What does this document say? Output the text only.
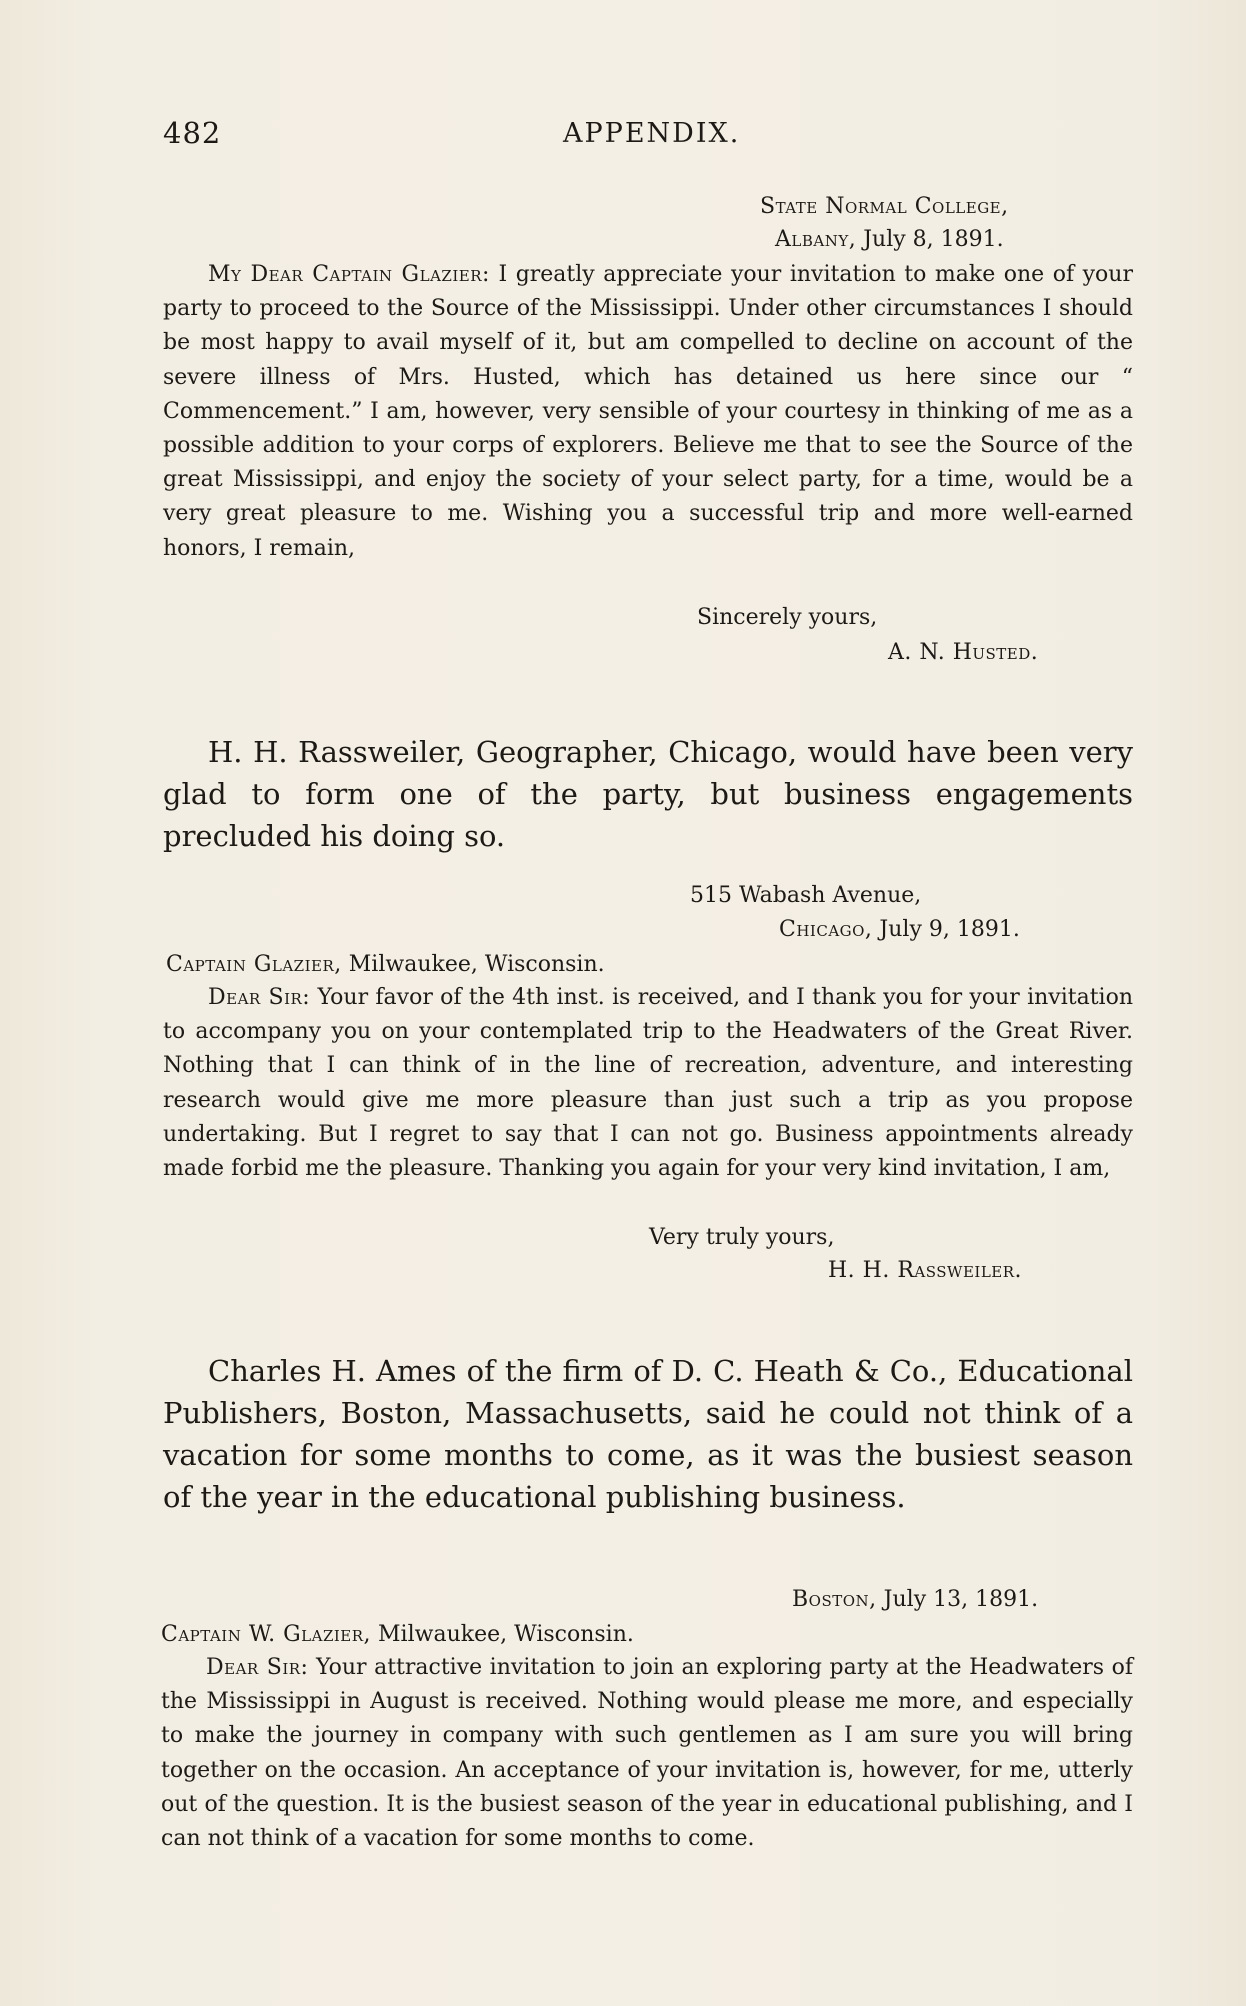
482	APPENDIX.
State Normal College,
Albany, July 8, 1891.

My Dear Captain Glazier: I greatly appreciate your invitation to make one of your party to proceed to the Source of the Mississippi. Under other circumstances I should be most happy to avail myself of it, but am compelled to decline on account of the severe illness of Mrs. Husted, which has detained us here since our “ Commencement.” I am, however, very sensible of your courtesy in thinking of me as a possible addition to your corps of explorers. Believe me that to see the Source of the great Mississippi, and enjoy the society of your select party, for a time, would be a very great pleasure to me. Wishing you a successful trip and more well-earned honors, I remain,

Sincerely yours,
A. N. Husted.

H. H. Rassweiler, Geographer, Chicago, would have been very glad to form one of the party, but business engagements precluded his doing so.

515 Wabash Avenue,
Chicago, July 9, 1891.
Captain Glazier, Milwaukee, Wisconsin.

Dear Sir: Your favor of the 4th inst. is received, and I thank you for your invitation to accompany you on your contemplated trip to the Headwaters of the Great River. Nothing that I can think of in the line of recreation, adventure, and interesting research would give me more pleasure than just such a trip as you propose undertaking. But I regret to say that I can not go. Business appointments already made forbid me the pleasure. Thanking you again for your very kind invitation, I am,

Very truly yours,
H. H. Rassweiler.

Charles H. Ames of the firm of D. C. Heath & Co., Educational Publishers, Boston, Massachusetts, said he could not think of a vacation for some months to come, as it was the busiest season of the year in the educational publishing business.

Boston, July 13, 1891.
Captain W. Glazier, Milwaukee, Wisconsin.

Dear Sir: Your attractive invitation to join an exploring party at the Headwaters of the Mississippi in August is received. Nothing would please me more, and especially to make the journey in company with such gentlemen as I am sure you will bring together on the occasion. An acceptance of your invitation is, however, for me, utterly out of the question. It is the busiest season of the year in educational publishing, and I can not think of a vacation for some months to come.
